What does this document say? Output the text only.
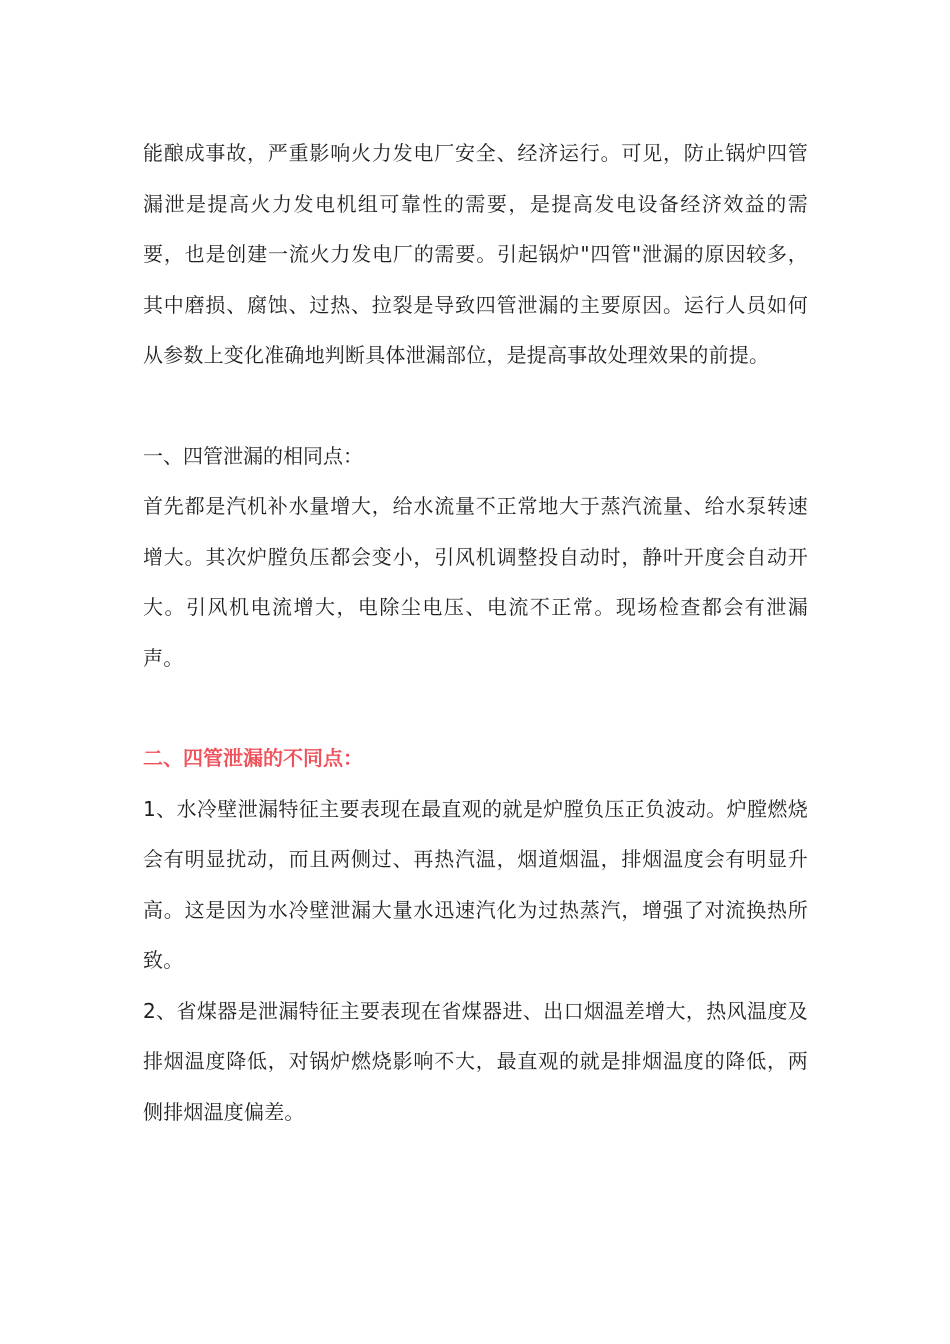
能酿成事故，严重影响火力发电厂安全、经济运行。可见，防止锅炉四管漏泄是提高火力发电机组可靠性的需要，是提高发电设备经济效益的需要，也是创建一流火力发电厂的需要。引起锅炉"四管"泄漏的原因较多，其中磨损、腐蚀、过热、拉裂是导致四管泄漏的主要原因。运行人员如何从参数上变化准确地判断具体泄漏部位，是提高事故处理效果的前提。

一、四管泄漏的相同点：

首先都是汽机补水量增大，给水流量不正常地大于蒸汽流量、给水泵转速增大。其次炉膛负压都会变小，引风机调整投自动时，静叶开度会自动开大。引风机电流增大，电除尘电压、电流不正常。现场检查都会有泄漏声。

二、四管泄漏的不同点：

1、水冷壁泄漏特征主要表现在最直观的就是炉膛负压正负波动。炉膛燃烧会有明显扰动，而且两侧过、再热汽温，烟道烟温，排烟温度会有明显升高。这是因为水冷壁泄漏大量水迅速汽化为过热蒸汽，增强了对流换热所致。

2、省煤器是泄漏特征主要表现在省煤器进、出口烟温差增大，热风温度及排烟温度降低，对锅炉燃烧影响不大，最直观的就是排烟温度的降低，两侧排烟温度偏差。
